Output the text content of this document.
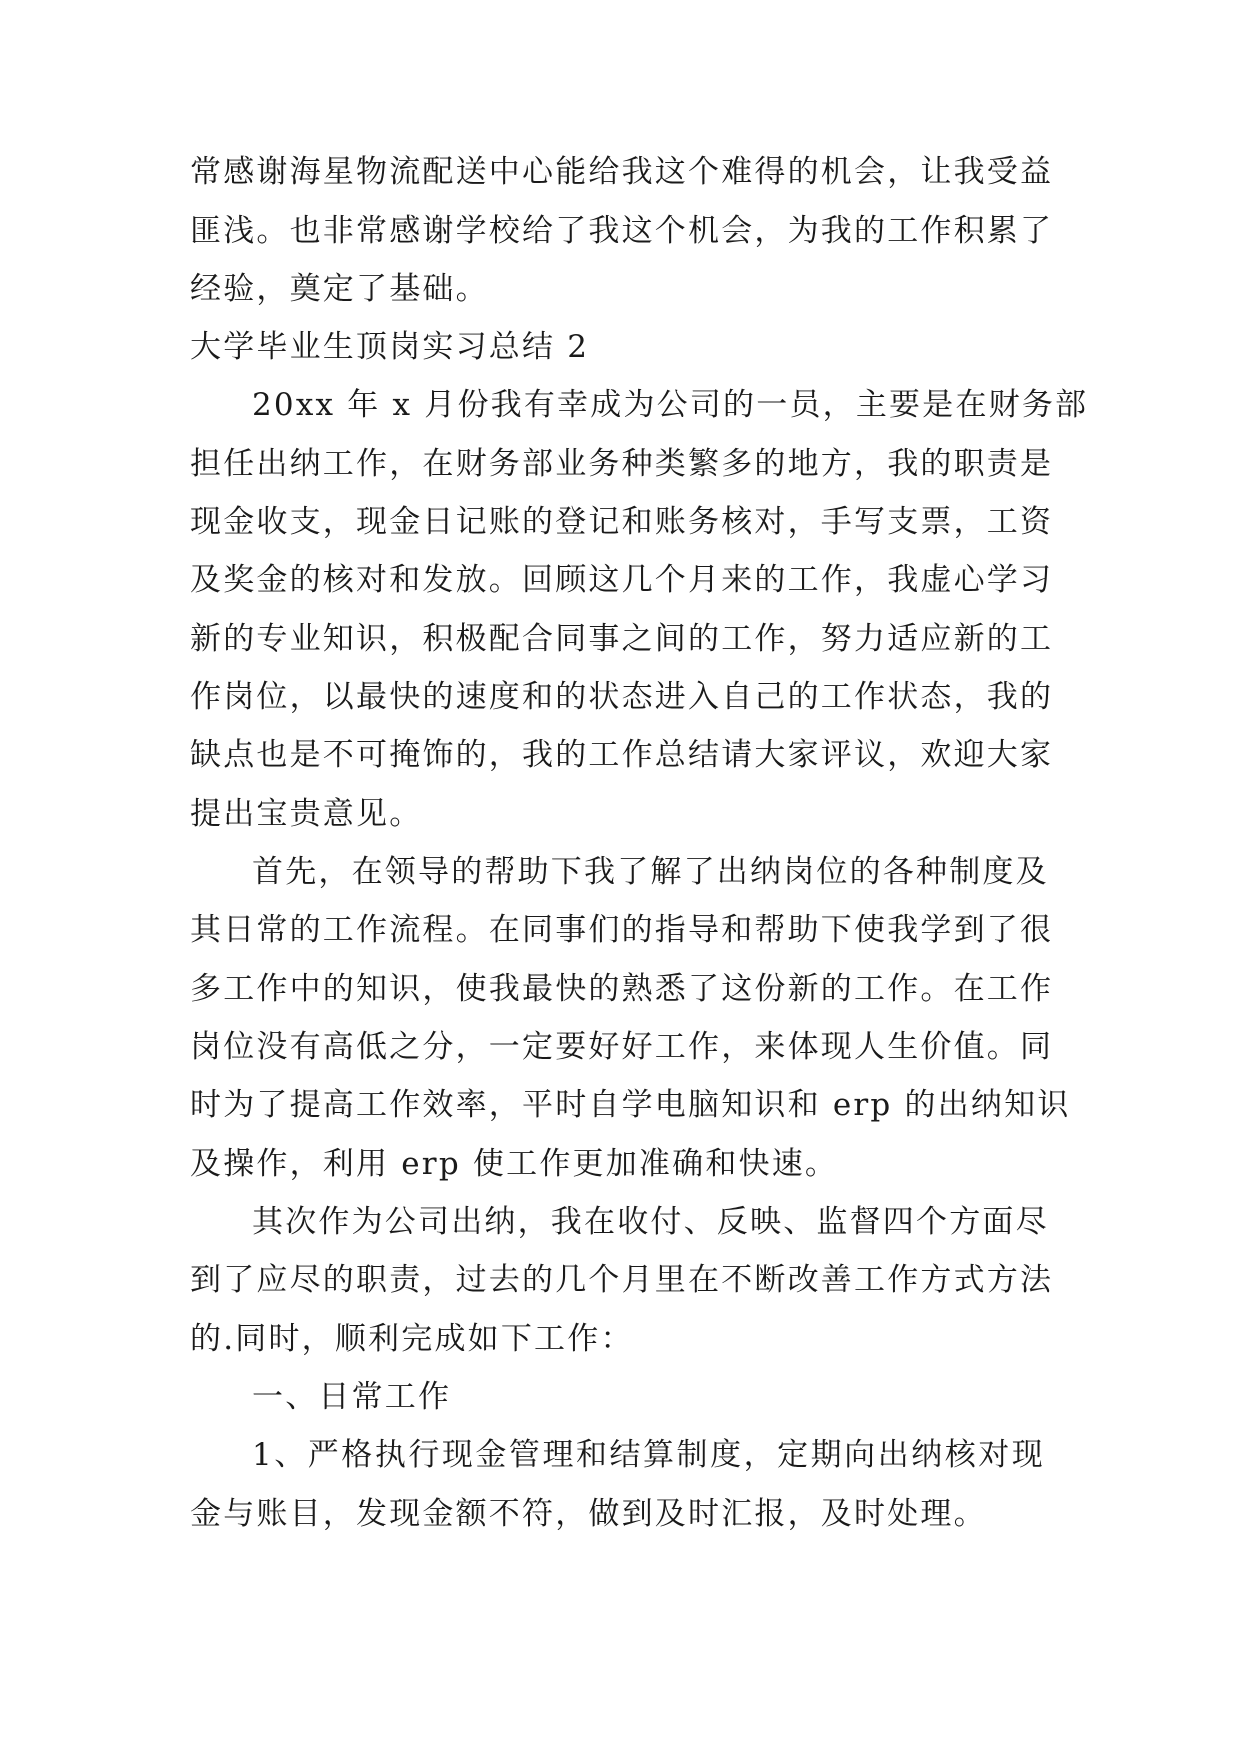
常感谢海星物流配送中心能给我这个难得的机会，让我受益
匪浅。也非常感谢学校给了我这个机会，为我的工作积累了
经验，奠定了基础。
大学毕业生顶岗实习总结 2
20xx 年 x 月份我有幸成为公司的一员，主要是在财务部
担任出纳工作，在财务部业务种类繁多的地方，我的职责是
现金收支，现金日记账的登记和账务核对，手写支票，工资
及奖金的核对和发放。回顾这几个月来的工作，我虚心学习
新的专业知识，积极配合同事之间的工作，努力适应新的工
作岗位，以最快的速度和的状态进入自己的工作状态，我的
缺点也是不可掩饰的，我的工作总结请大家评议，欢迎大家
提出宝贵意见。
首先，在领导的帮助下我了解了出纳岗位的各种制度及
其日常的工作流程。在同事们的指导和帮助下使我学到了很
多工作中的知识，使我最快的熟悉了这份新的工作。在工作
岗位没有高低之分，一定要好好工作，来体现人生价值。同
时为了提高工作效率，平时自学电脑知识和 erp 的出纳知识
及操作，利用 erp 使工作更加准确和快速。
其次作为公司出纳，我在收付、反映、监督四个方面尽
到了应尽的职责，过去的几个月里在不断改善工作方式方法
的.同时，顺利完成如下工作：
一、日常工作
1、严格执行现金管理和结算制度，定期向出纳核对现
金与账目，发现金额不符，做到及时汇报，及时处理。
